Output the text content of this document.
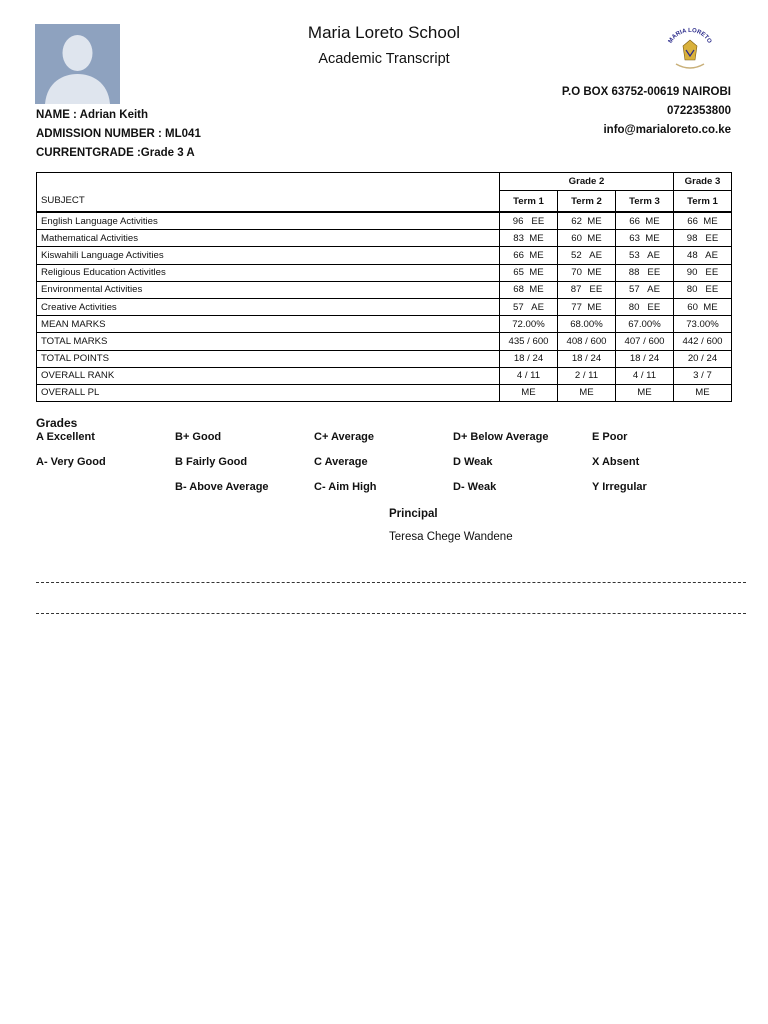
Maria Loreto School
Academic Transcript
MARIA LORETO
P.O BOX 63752-00619 NAIROBI
0722353800
info@marialoreto.co.ke
NAME : Adrian Keith
ADMISSION NUMBER : ML041
CURRENTGRADE :Grade 3 A
	Grade 2			Grade 3
SUBJECT	Term 1	Term 2	Term 3	Term 1
English Language Activities	96   EE	62  ME	66  ME	66  ME
Mathematical Activities	83  ME	60  ME	63  ME	98   EE
Kiswahili Language Activities	66  ME	52   AE	53   AE	48   AE
Religious Education Activitles	65  ME	70  ME	88   EE	90   EE
Environmental Activities	68  ME	87   EE	57   AE	80   EE
Creative Activities	57   AE	77  ME	80   EE	60  ME
MEAN MARKS	72.00%	68.00%	67.00%	73.00%
TOTAL MARKS	435 / 600	408 / 600	407 / 600	442 / 600
TOTAL POINTS	18 / 24	18 / 24	18 / 24	20 / 24
OVERALL RANK	4 / 11	2 / 11	4 / 11	3 / 7
OVERALL PL	ME	ME	ME	ME
Grades
A Excellent	B+ Good	C+ Average	D+ Below Average	E Poor
A- Very Good	B Fairly Good	C Average	D Weak	X Absent
B- Above Average	C- Aim High	D- Weak	Y Irregular
Principal
Teresa Chege Wandene
